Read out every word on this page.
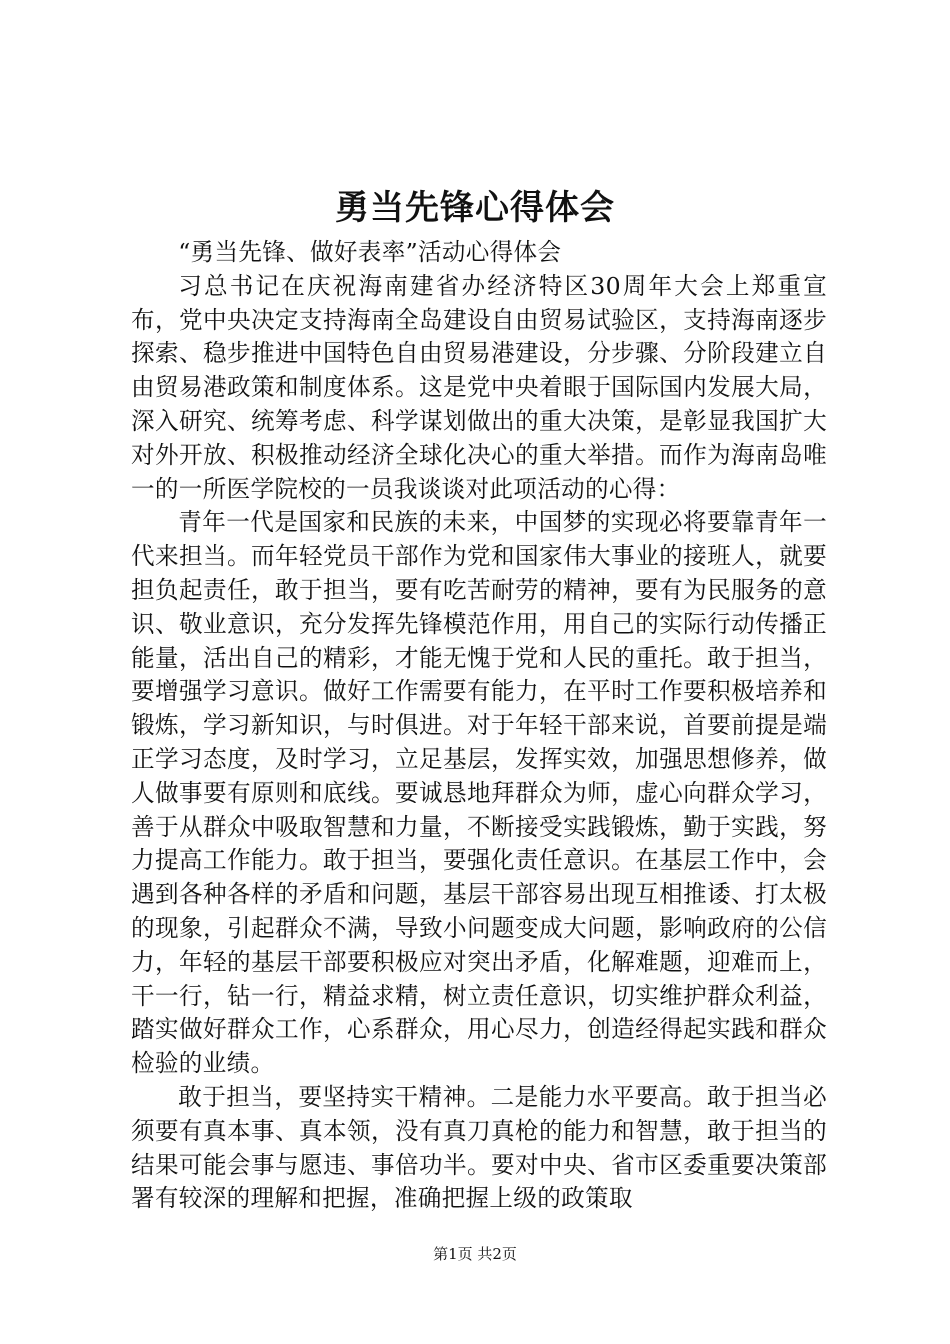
勇当先锋心得体会

“勇当先锋、做好表率”活动心得体会

习总书记在庆祝海南建省办经济特区30周年大会上郑重宣布，党中央决定支持海南全岛建设自由贸易试验区，支持海南逐步探索、稳步推进中国特色自由贸易港建设，分步骤、分阶段建立自由贸易港政策和制度体系。这是党中央着眼于国际国内发展大局，深入研究、统筹考虑、科学谋划做出的重大决策，是彰显我国扩大对外开放、积极推动经济全球化决心的重大举措。而作为海南岛唯一的一所医学院校的一员我谈谈对此项活动的心得：

青年一代是国家和民族的未来，中国梦的实现必将要靠青年一代来担当。而年轻党员干部作为党和国家伟大事业的接班人，就要担负起责任，敢于担当，要有吃苦耐劳的精神，要有为民服务的意识、敬业意识，充分发挥先锋模范作用，用自己的实际行动传播正能量，活出自己的精彩，才能无愧于党和人民的重托。敢于担当，要增强学习意识。做好工作需要有能力，在平时工作要积极培养和锻炼，学习新知识，与时俱进。对于年轻干部来说，首要前提是端正学习态度，及时学习，立足基层，发挥实效，加强思想修养，做人做事要有原则和底线。要诚恳地拜群众为师，虚心向群众学习，善于从群众中吸取智慧和力量，不断接受实践锻炼，勤于实践，努力提高工作能力。敢于担当，要强化责任意识。在基层工作中，会遇到各种各样的矛盾和问题，基层干部容易出现互相推诿、打太极的现象，引起群众不满，导致小问题变成大问题，影响政府的公信力，年轻的基层干部要积极应对突出矛盾，化解难题，迎难而上，干一行，钻一行，精益求精，树立责任意识，切实维护群众利益，踏实做好群众工作，心系群众，用心尽力，创造经得起实践和群众检验的业绩。

敢于担当，要坚持实干精神。二是能力水平要高。敢于担当必须要有真本事、真本领，没有真刀真枪的能力和智慧，敢于担当的结果可能会事与愿违、事倍功半。要对中央、省市区委重要决策部署有较深的理解和把握，准确把握上级的政策取

第1页 共2页
